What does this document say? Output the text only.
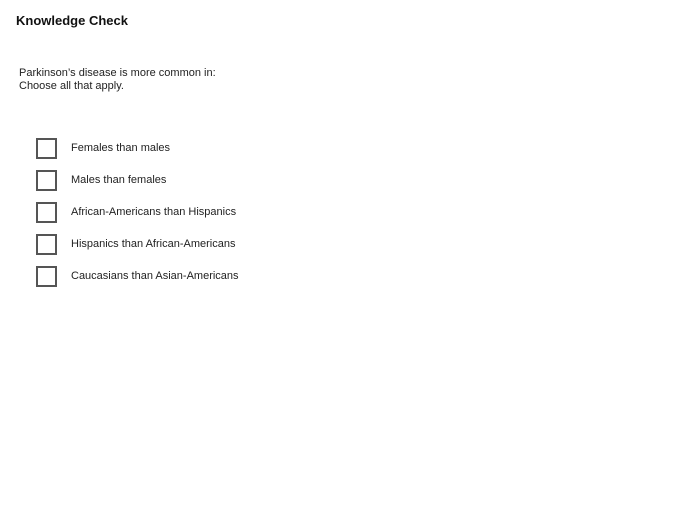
Knowledge Check
Parkinson’s disease is more common in:
Choose all that apply.
Females than males
Males than females
African-Americans than Hispanics
Hispanics than African-Americans
Caucasians than Asian-Americans
